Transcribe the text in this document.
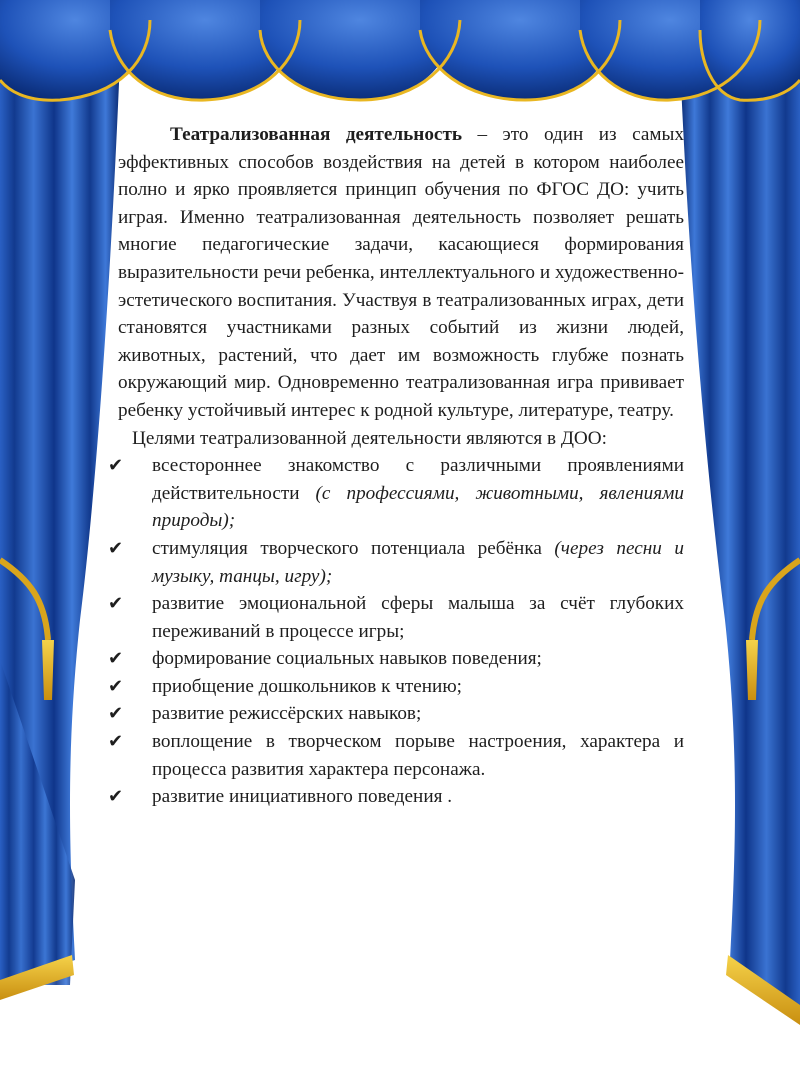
Театрализованная деятельность – это один из самых эффективных способов воздействия на детей в котором наиболее полно и ярко проявляется принцип обучения по ФГОС ДО: учить играя. Именно театрализованная деятельность позволяет решать многие педагогические задачи, касающиеся формирования выразительности речи ребенка, интеллектуального и художественно-эстетического воспитания. Участвуя в театрализованных играх, дети становятся участниками разных событий из жизни людей, животных, растений, что дает им возможность глубже познать окружающий мир. Одновременно театрализованная игра прививает ребенку устойчивый интерес к родной культуре, литературе, театру.

Целями театрализованной деятельности являются в ДОО:

✔ всестороннее знакомство с различными проявлениями действительности (с профессиями, животными, явлениями природы);
✔ стимуляция творческого потенциала ребёнка (через песни и музыку, танцы, игру);
✔ развитие эмоциональной сферы малыша за счёт глубоких переживаний в процессе игры;
✔ формирование социальных навыков поведения;
✔ приобщение дошкольников к чтению;
✔ развитие режиссёрских навыков;
✔ воплощение в творческом порыве настроения, характера и процесса развития характера персонажа.
✔ развитие инициативного поведения .
